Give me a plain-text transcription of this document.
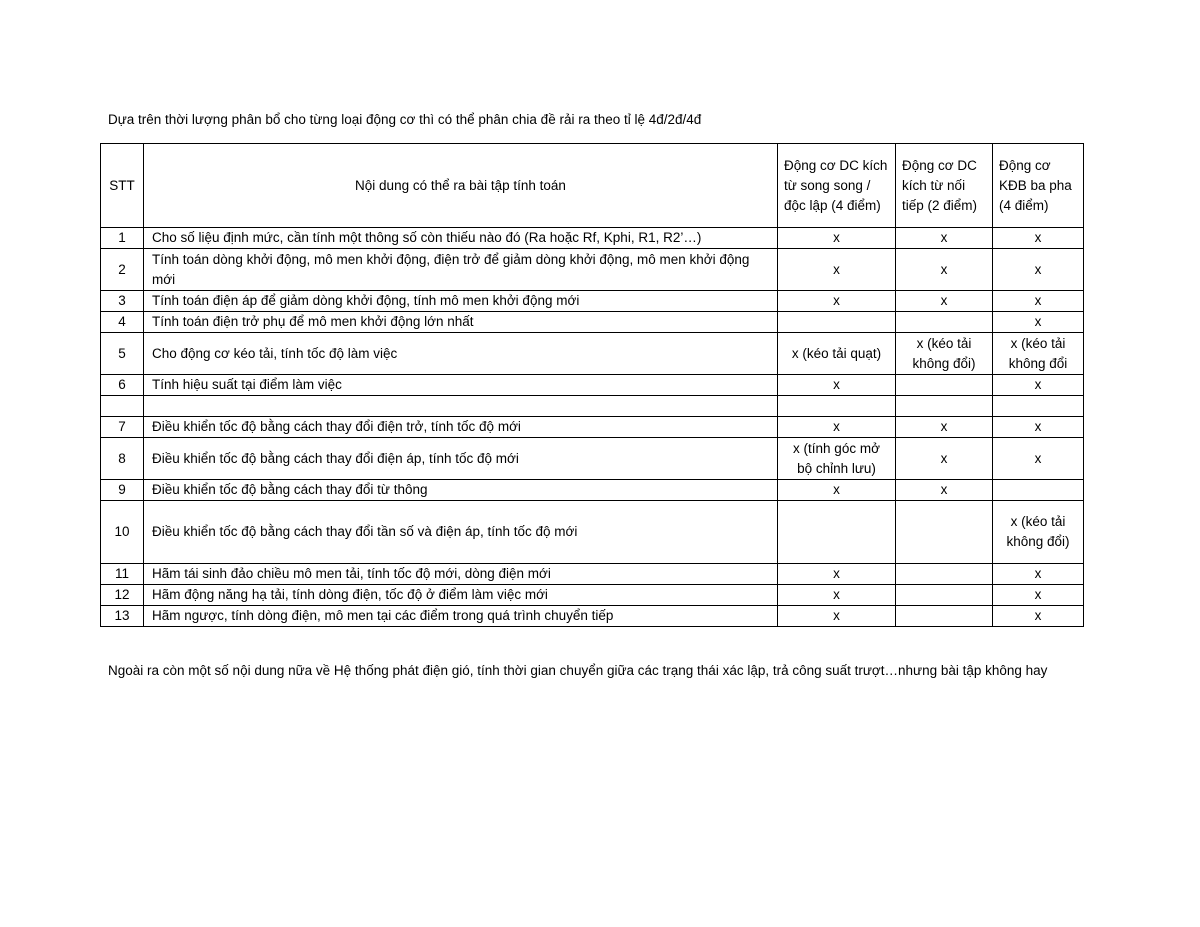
Dựa trên thời lượng phân bổ cho từng loại động cơ thì có thể phân chia đề rải ra theo tỉ lệ 4đ/2đ/4đ
STT	Nội dung có thể ra bài tập tính toán	Động cơ DC kích từ song song / độc lập (4 điểm)	Động cơ DC kích từ nối tiếp (2 điểm)	Động cơ KĐB ba pha (4 điểm)
1	Cho số liệu định mức, cần tính một thông số còn thiếu nào đó (Ra hoặc Rf, Kphi, R1, R2’…)	x	x	x
2	Tính toán dòng khởi động, mô men khởi động, điện trở để giảm dòng khởi động, mô men khởi động mới	x	x	x
3	Tính toán điện áp để giảm dòng khởi động, tính mô men khởi động mới	x	x	x
4	Tính toán điện trở phụ để mô men khởi động lớn nhất			x
5	Cho động cơ kéo tải, tính tốc độ làm việc	x (kéo tải quạt)	x (kéo tải không đổi)	x (kéo tải không đổi
6	Tính hiệu suất tại điểm làm việc	x		x

7	Điều khiển tốc độ bằng cách thay đổi điện trở, tính tốc độ mới	x	x	x
8	Điều khiển tốc độ bằng cách thay đổi điện áp, tính tốc độ mới	x (tính góc mở bộ chỉnh lưu)	x	x
9	Điều khiển tốc độ bằng cách thay đổi từ thông	x	x	
10	Điều khiển tốc độ bằng cách thay đổi tần số và điện áp, tính tốc độ mới			x (kéo tải không đổi)
11	Hãm tái sinh đảo chiều mô men tải, tính tốc độ mới, dòng điện mới	x		x
12	Hãm động năng hạ tải, tính dòng điện, tốc độ ở điểm làm việc mới	x		x
13	Hãm ngược, tính dòng điện, mô men tại các điểm trong quá trình chuyển tiếp	x		x
Ngoài ra còn một số nội dung nữa về Hệ thống phát điện gió, tính thời gian chuyển giữa các trạng thái xác lập, trả công suất trượt…nhưng bài tập không hay
